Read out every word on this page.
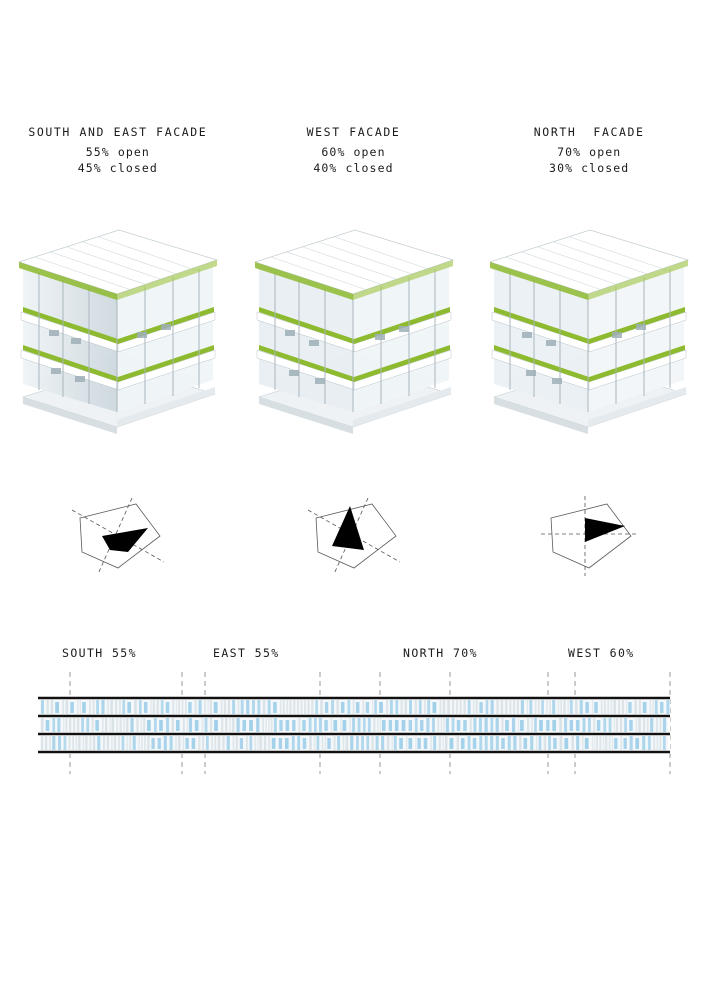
SOUTH AND EAST FACADE
55% open
45% closed
WEST FACADE
60% open
40% closed
NORTH  FACADE
70% open
30% closed
SOUTH 55%	EAST 55%	NORTH 70%	WEST 60%
